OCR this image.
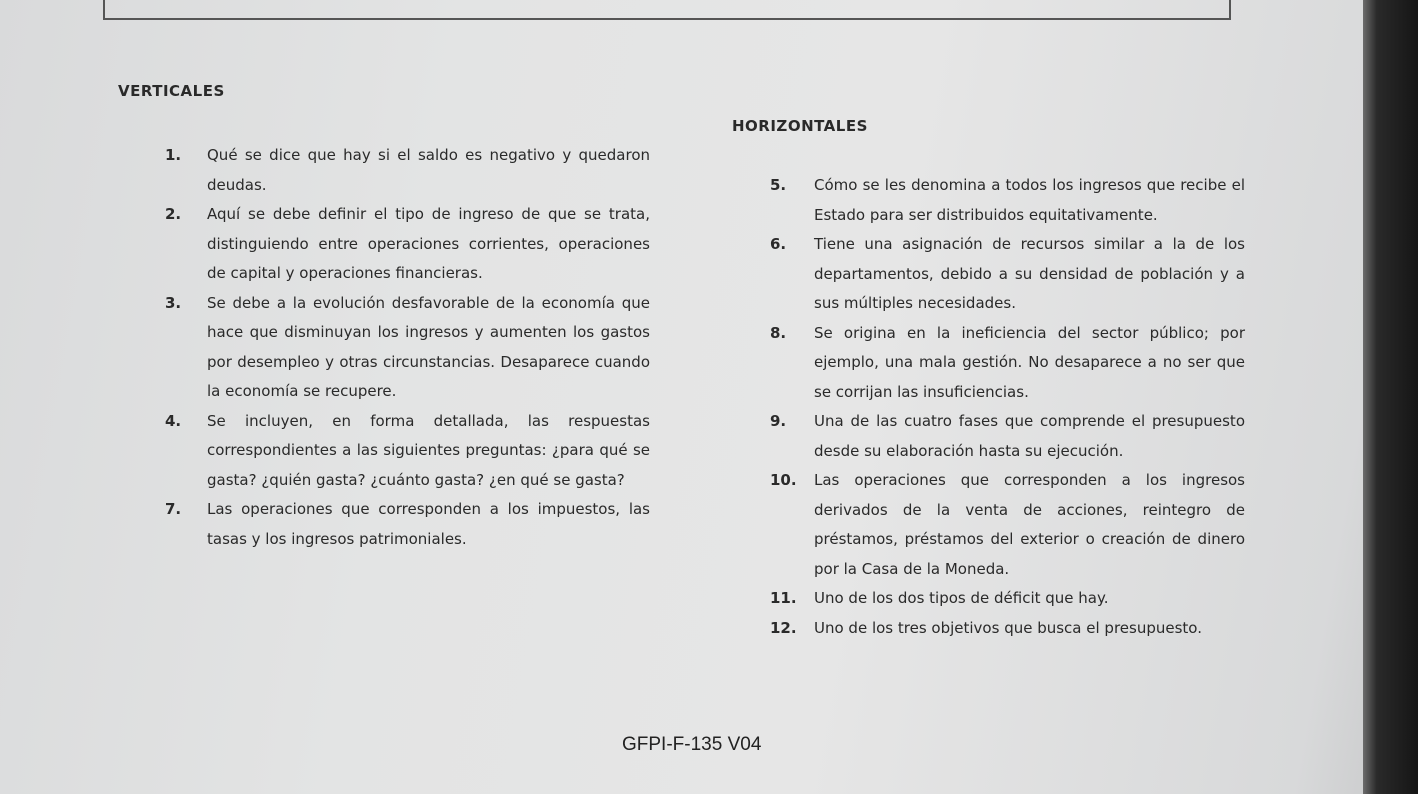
VERTICALES
HORIZONTALES
1.	Qué se dice que hay si el saldo es negativo y quedaron deudas.
2.	Aquí se debe definir el tipo de ingreso de que se trata, distinguiendo entre operaciones corrientes, operaciones de capital y operaciones financieras.
3.	Se debe a la evolución desfavorable de la economía que hace que disminuyan los ingresos y aumenten los gastos por desempleo y otras circunstancias. Desaparece cuando la economía se recupere.
4.	Se incluyen, en forma detallada, las respuestas correspondientes a las siguientes preguntas: ¿para qué se gasta? ¿quién gasta? ¿cuánto gasta? ¿en qué se gasta?
7.	Las operaciones que corresponden a los impuestos, las tasas y los ingresos patrimoniales.
5.	Cómo se les denomina a todos los ingresos que recibe el Estado para ser distribuidos equitativamente.
6.	Tiene una asignación de recursos similar a la de los departamentos, debido a su densidad de población y a sus múltiples necesidades.
8.	Se origina en la ineficiencia del sector público; por ejemplo, una mala gestión. No desaparece a no ser que se corrijan las insuficiencias.
9.	Una de las cuatro fases que comprende el presupuesto desde su elaboración hasta su ejecución.
10.	Las operaciones que corresponden a los ingresos derivados de la venta de acciones, reintegro de préstamos, préstamos del exterior o creación de dinero por la Casa de la Moneda.
11.	Uno de los dos tipos de déficit que hay.
12.	Uno de los tres objetivos que busca el presupuesto.
GFPI-F-135 V04
